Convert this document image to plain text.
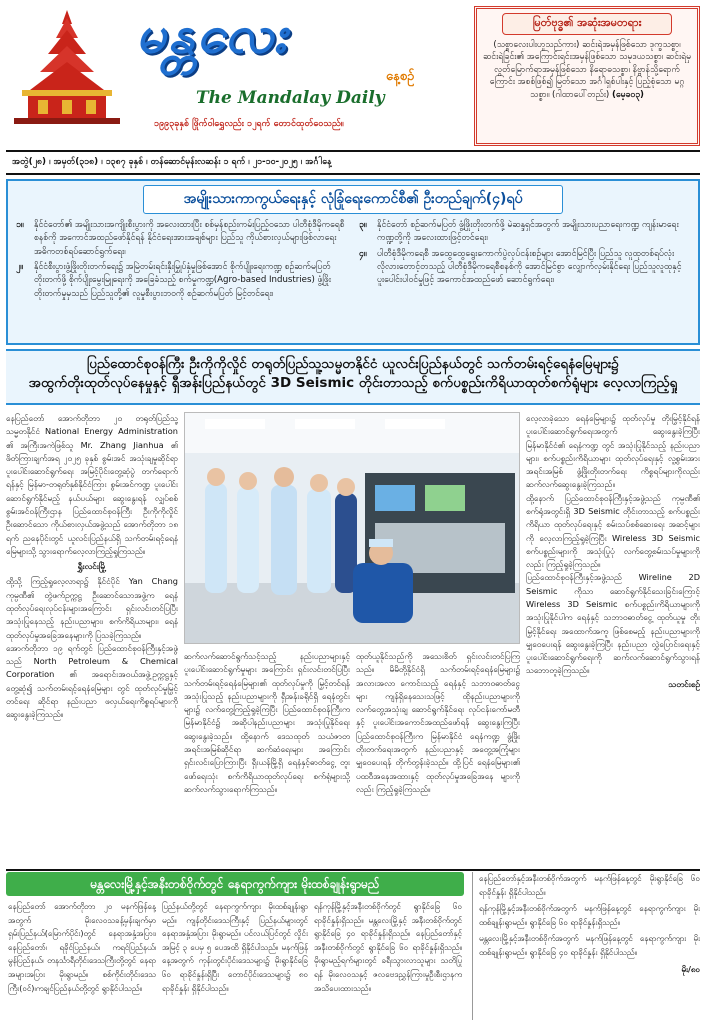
မန္တလေး
နေ့စဉ်
The Mandalay Daily
၁၉၉၃ခုနှစ် ဖြိုက်ဝါရွှေလည်း ၁၂ရက် တောင်ထုတ်ဝေသည်။
မြတ်ဗုဒ္ဓ၏ အဆုံးအမတရား
(သစ္စာလေးပါးဟူသည်ကား) ဆင်းရဲအမှန်ဖြစ်သော ဒုက္ခသစ္စာ၊ ဆင်းရဲခြင်း၏ အကြောင်းရင်းအမှန်ဖြစ်သော သမုဒယသစ္စာ၊ ဆင်းရဲမှ လွတ်မြောက်ရာအမှန်ဖြစ်သော နိရောဓသစ္စာ၊ နိဗ္ဗာန်သို့ရောက်ကြောင်း အစစ်ဖြစ်၍ မြတ်သော အင်္ဂါရှစ်ပါးနှင့် ပြည့်စုံသော မဂ္ဂသစ္စာ။ (ဂါထာပေါ်တည်း) (မေ့ခ၀၃)
အတွဲ(၂၈) ၊ အမှတ်(၃၁၈) ၊ ၁၃၈၇ ခုနှစ် ၊ တန်ဆောင်မုန်းလဆန်း ၁ ရက် ၊ ၂၁-၁၀-၂၀၂၅ ၊ အင်္ဂါနေ့
အမျိုးသားကာကွယ်ရေးနှင့် လုံခြုံရေးကောင်စီ၏ ဦးတည်ချက်(၄)ရပ်
၁။	နိုင်ငံတော်၏ အမျိုးသားအကျိုးစီးပွားကို အလေးထားပြီး စစ်မှန်စည်းကမ်းပြည့်ဝသော ပါတီစုံဒီမိုကရေစီစနစ်ကို အကောင်အထည်ဖော်နိုင်ရန် နိုင်ငံရေးအားအချစ်များ ပြည်သူ ကိုယ်စားလှယ်များဖြစ်လာရေး အဓိကတစ်ရပ်ဆောင်ရွက်ရေး၊
၂။	နိုင်ငံစီးပွားဖွံ့ဖြိုးတိုးတက်ရေး၌ အမြဲတမ်းရင်းနှီးမြှုပ်နှံမှုဖြစ်အောင် စိုက်ပျိုးရေးကဏ္ဍ စဉ်ဆက်မပြတ်တိုးတက်ဖို့ စိုက်ပျိုးမွေးမြူရေးကို အခြေခံသည့် စက်မှုကဏ္ဍ(Agro-based Industries) ဖွံ့ဖြိုးတိုးတက်မှုမှသည် ပြည်သူတို့၏ လူမှုစီးပွားဘဝကို စဉ်ဆက်မပြတ် မြင့်တင်ရေး၊
၃။	နိုင်ငံတော် စဉ်ဆက်မပြတ် ဖွံ့ဖြိုးတိုးတက်ဖို့ မဲဆန္ဒရှင်အတွက် အမျိုးသားပညာရေးကဏ္ဍ ကျန်းမာရေးကဏ္ဍတို့ကို အလေးထားဖြင့်တင်ရေး၊
၄။	ပါတီစုံဒီမိုကရေစီ အထွေထွေရွေးကောက်ပွဲလုပ်ငန်းစဉ်များ အောင်မြင်ပြီး ပြည်သူ လူထုတစ်ရပ်လုံး လိုလားတောင့်တသည့် ပါတီစုံဒီမိုကရေစီစနစ်ကို အောင်မြင်စွာ လျှောက်လှမ်းနိုင်ရေး ပြည်သူလူထုနှင့် ပူးပေါင်းပါဝင်မှုဖြင့် အကောင်အထည်ဖော် ဆောင်ရွက်ရေး၊
ပြည်ထောင်စုဝန်ကြီး ဦးကိုကိုလှိုင် တရုတ်ပြည်သူ့သမ္မတနိုင်ငံ ယူလင်းပြည်နယ်တွင် သက်တမ်းရင့်ရေနံမြေများ၌
အထွက်တိုးထုတ်လုပ်နေမှုနှင့် ရှီအန်းပြည်နယ်တွင် 3D Seismic တိုင်းတာသည့် စက်ပစ္စည်းကိရိယာထုတ်စက်ရုံများ လေ့လာကြည့်ရှု
နေပြည်တော် အောက်တိုဘာ ၂၀ တရုတ်ပြည်သူ့သမ္မတနိုင်ငံ National Energy Administration ၏ အကြီးအကဲဖြစ်သူ Mr. Zhang Jianhua ၏ ဖိတ်ကြားချက်အရ ၂၀၂၅ ခုနှစ် စွမ်းအင် အသုံးချမှုဆိုင်ရာ ပူးပေါင်းဆောင်ရွက်ရေး အမြင့်ပိုင်းတွေ့ဆုံပွဲ တက်ရောက်ရန်နှင့် မြန်မာ-တရုတ်နှစ်နိုင်ငံကြား စွမ်းအင်ကဏ္ဍ ပူးပေါင်းဆောင်ရွက်နိုင်မည့် နယ်ပယ်များ ဆွေးနွေးရန် လျှပ်စစ်စွမ်းအင်ဝန်ကြီးဌာန ပြည်ထောင်စုဝန်ကြီး ဦးကိုကိုလှိုင် ဦးဆောင်သော ကိုယ်စားလှယ်အဖွဲ့သည် အောက်တိုဘာ ၁၈ ရက် ညနေပိုင်းတွင် ယူလင်းပြည်နယ်ရှိ သက်တမ်းရင့်ရေနံမြေများသို့ သွားရောက်လေ့လာကြည့်ရှုကြသည်။
ရွှီးလင်းမြို့
ထို့သို့ ကြည့်ရှုလေ့လာရာ၌ နိုင်ငံပိုင် Yan Chang ကုမ္ပဏီ၏ တွဲဖက်ဥက္ကဋ္ဌ ဦးဆောင်သောအဖွဲ့က ရေနံ ထုတ်လုပ်ရေးလုပ်ငန်းများအကြောင်း ရှင်းလင်းတင်ပြပြီး အသုံးပြုနေသည့် နည်းပညာများ၊ စက်ကိရိယာများ၊ ရေနံထုတ်လုပ်မှုအခြေအနေများကို ပြသခဲ့ကြသည်။
အောက်တိုဘာ ၁၉ ရက်တွင် ပြည်ထောင်စုဝန်ကြီးနှင့်အဖွဲ့သည် North Petroleum & Chemical Corporation ၏ အရောင်းအဝယ်အဖွဲ့ဥက္ကဋ္ဌနှင့် တွေ့ဆုံ၍ သက်တမ်းရင့်ရေနံမြေများ တွင် ထုတ်လုပ်မှုမြှင့်တင်ရေး ဆိုင်ရာ နည်းပညာ ဖလှယ်ရေးကိစ္စရပ်များကို ဆွေးနွေးခဲ့ကြသည်။
ဆက်လက်ဆောင်ရွက်သင့်သည့် နည်းပညာများနှင့် ပူးပေါင်းဆောင်ရွက်မှုများ အကြောင်း ရှင်းလင်းတင်ပြပြီး သက်တမ်းရင့်ရေနံမြေများ၏ ထုတ်လုပ်မှုကို မြှင့်တင်ရန် အသုံးပြုသည့် နည်းပညာများကို ရှီအန်းခရိုင်ရှိ ရေနံတွင်းများ၌ လက်တွေ့ကြည့်ရှုခဲ့ကြပြီး ပြည်ထောင်စုဝန်ကြီးက မြန်မာနိုင်ငံ၌ အဆိုပါနည်းပညာများ အသုံးပြုနိုင်ရေး ဆွေးနွေးခဲ့သည်။ ထို့နောက် ဒေသထုတ် သယံဇာတ အရင်းအမြစ်ဆိုင်ရာ ဆက်ဆံရေးများ အကြောင်း ရှင်းလင်းပြောကြားပြီး ရှီးယန်မြို့ရှိ ရေနံနှင့်ဓာတ်ငွေ့ တူးဖော်ရေးသုံး စက်ကိရိယာထုတ်လုပ်ရေး စက်ရုံများသို့ ဆက်လက်သွားရောက်ကြသည်။
ထုတ်ယူနိုင်သည်ကို အသေးစိတ် ရှင်းလင်းတင်ပြကြသည်။ မိမိတို့နိုင်ငံရှိ သက်တမ်းရင့်ရေနံမြေများ၌ အလားအလာ ကောင်းသည့် ရေနံနှင့် သဘာဝဓာတ်ငွေ့ များ ကျန်ရှိနေသေးသဖြင့် ထိုနည်းပညာများကို လက်တွေ့အသုံးချ ဆောင်ရွက်နိုင်ရေး လုပ်ငန်းကော်မတီနှင့် ပူးပေါင်းအကောင်အထည်ဖော်ရန် ဆွေးနွေးကြပြီး ပြည်ထောင်စုဝန်ကြီးက မြန်မာနိုင်ငံ ရေနံကဏ္ဍ ဖွံ့ဖြိုးတိုးတက်ရေးအတွက် နည်းပညာနှင့် အတွေ့အကြုံများ မျှဝေပေးရန် တိုက်တွန်းခဲ့သည်။ ထို့ပြင် ရေနံမြေများ၏ ပထဝီအနေအထားနှင့် ထုတ်လုပ်မှုအခြေအနေ များကိုလည်း ကြည့်ရှုခဲ့ကြသည်။
လေ့လာခဲ့သော ရေနံမြေများ၌ ထုတ်လုပ်မှု တိုးမြှင့်နိုင်ရန် ပူးပေါင်းဆောင်ရွက်ရေးအတွက် ဆွေးနွေးခဲ့ကြပြီး မြန်မာနိုင်ငံ၏ ရေနံကဏ္ဍ တွင် အသုံးပြုနိုင်သည့် နည်းပညာများ၊ စက်ပစ္စည်းကိရိယာများ ထုတ်လုပ်ရေးနှင့် လူ့စွမ်းအားအရင်းအမြစ် ဖွံ့ဖြိုးတိုးတက်ရေး ကိစ္စရပ်များကိုလည်း ဆက်လက်ဆွေးနွေးခဲ့ကြသည်။
ထို့နောက် ပြည်ထောင်စုဝန်ကြီးနှင့်အဖွဲ့သည် ကုမ္ပဏီ၏ စက်ရုံအတွင်းရှိ 3D Seismic တိုင်းတာသည့် စက်ပစ္စည်းကိရိယာ ထုတ်လုပ်ရေးနှင့် စမ်းသပ်စစ်ဆေးရေး အဆင့်များကို လေ့လာကြည့်ရှုခဲ့ကြပြီး Wireless 3D Seismic စက်ပစ္စည်းများကို အသုံးပြုပုံ လက်တွေ့စမ်းသပ်မှုများကိုလည်း ကြည့်ရှုခဲ့ကြသည်။
ပြည်ထောင်စုဝန်ကြီးနှင့်အဖွဲ့သည် Wireline 2D Seismic ကိုသာ ဆောင်ရွက်နိုင်သေးခြင်းကြောင့် Wireless 3D Seismic စက်ပစ္စည်းကိရိယာများကို အသုံးပြုနိုင်ပါက ရေနံနှင့် သဘာဝဓာတ်ငွေ့ ထုတ်ယူမှု တိုးမြှင့်နိုင်ရေး အထောက်အကူ ဖြစ်စေမည့် နည်းပညာများကို မျှဝေပေးရန် ဆွေးနွေးခဲ့ကြပြီး နည်းပညာ လွှဲပြောင်းရေးနှင့် ပူးပေါင်းဆောင်ရွက်ရေးကို ဆက်လက်ဆောင်ရွက်သွားရန် သဘောတူခဲ့ကြသည်။
သတင်းစဉ်
မန္တလေးမြို့နှင့်အနီးတစ်ဝိုက်တွင် နေရာကွက်ကျား မိုးထစ်ချုန်းရွာမည်
နေပြည်တော် အောက်တိုဘာ ၂၀ မနက်ဖြန်နေ့အတွက် မိုးလေဝသခန့်မှန်းချက်မှာ ရှမ်းပြည်နယ်(မြောက်ပိုင်း)တွင် နေရာအနှံ့အပြား၊ နေပြည်တော်၊ ရခိုင်ပြည်နယ်၊ ကရင်ပြည်နယ်၊ မွန်ပြည်နယ်၊ တနင်္သာရီတိုင်းဒေသကြီးတို့တွင် နေရာအများအပြား မိုးရွာမည်။ စစ်ကိုင်းတိုင်းဒေသကြီး(ဝင်)၊ကချင်ပြည်နယ်တို့တွင် ရွာနိုင်ပါသည်။
ပြည်နယ်တို့တွင် နေရာကွက်ကျား မိုးထစ်ချုန်းရွာမည်။ ကျန်တိုင်းဒေသကြီးနှင့် ပြည်နယ်များတွင် နေရာအနှံ့အပြား မိုးရွာမည်။ ပင်လယ်ပြင်တွင် လှိုင်းအမြင့် ၃ ပေမှ ၅ ပေအထိ ရှိနိုင်ပါသည်။ မနက်ဖြန်နေ့အတွက် ကုန်းတွင်းပိုင်းဒေသများ၌ မိုးရွာနိုင်ခြေ ၆၀ ရာခိုင်နှုန်းရှိပြီး တောင်ပိုင်းဒေသများ၌ ၈၀ ရာခိုင်နှုန်း ရှိနိုင်ပါသည်။
ရန်ကုန်မြို့နှင့်အနီးတစ်ဝိုက်တွင် ရွာနိုင်ခြေ ၆၀ ရာခိုင်နှုန်းရှိသည်။ မန္တလေးမြို့နှင့် အနီးတစ်ဝိုက်တွင် ရွာနိုင်ခြေ ၄၀ ရာခိုင်နှုန်းရှိသည်။ နေပြည်တော်နှင့် အနီးတစ်ဝိုက်တွင် ရွာနိုင်ခြေ ၆၀ ရာခိုင်နှုန်းရှိသည်။ မိုးရွာမည့်ရက်များတွင် ခရီးသွားလာသူများ သတိပြုရန် မိုးလေဝသနှင့် ဇလဗေဒညွှန်ကြားမှုဦးစီးဌာနက အသိပေးထားသည်။

နေပြည်တော်နှင့်အနီးတစ်ဝိုက်အတွက် မနက်ဖြန်နေ့တွင် မိုးရွာနိုင်ခြေ ၆၀ ရာခိုင်နှုန်း ရှိနိုင်ပါသည်။

ရန်ကုန်မြို့နှင့်အနီးတစ်ဝိုက်အတွက် မနက်ဖြန်နေ့တွင် နေရာကွက်ကျား မိုးထစ်ချုန်းရွာမည်။ ရွာနိုင်ခြေ ၆၀ ရာခိုင်နှုန်းရှိသည်။

မန္တလေးမြို့နှင့်အနီးတစ်ဝိုက်အတွက် မနက်ဖြန်နေ့တွင် နေရာကွက်ကျား မိုးထစ်ချုန်းရွာမည်။ ရွာနိုင်ခြေ ၄၀ ရာခိုင်နှုန်း ရှိနိုင်ပါသည်။

မိုး/၈၀
